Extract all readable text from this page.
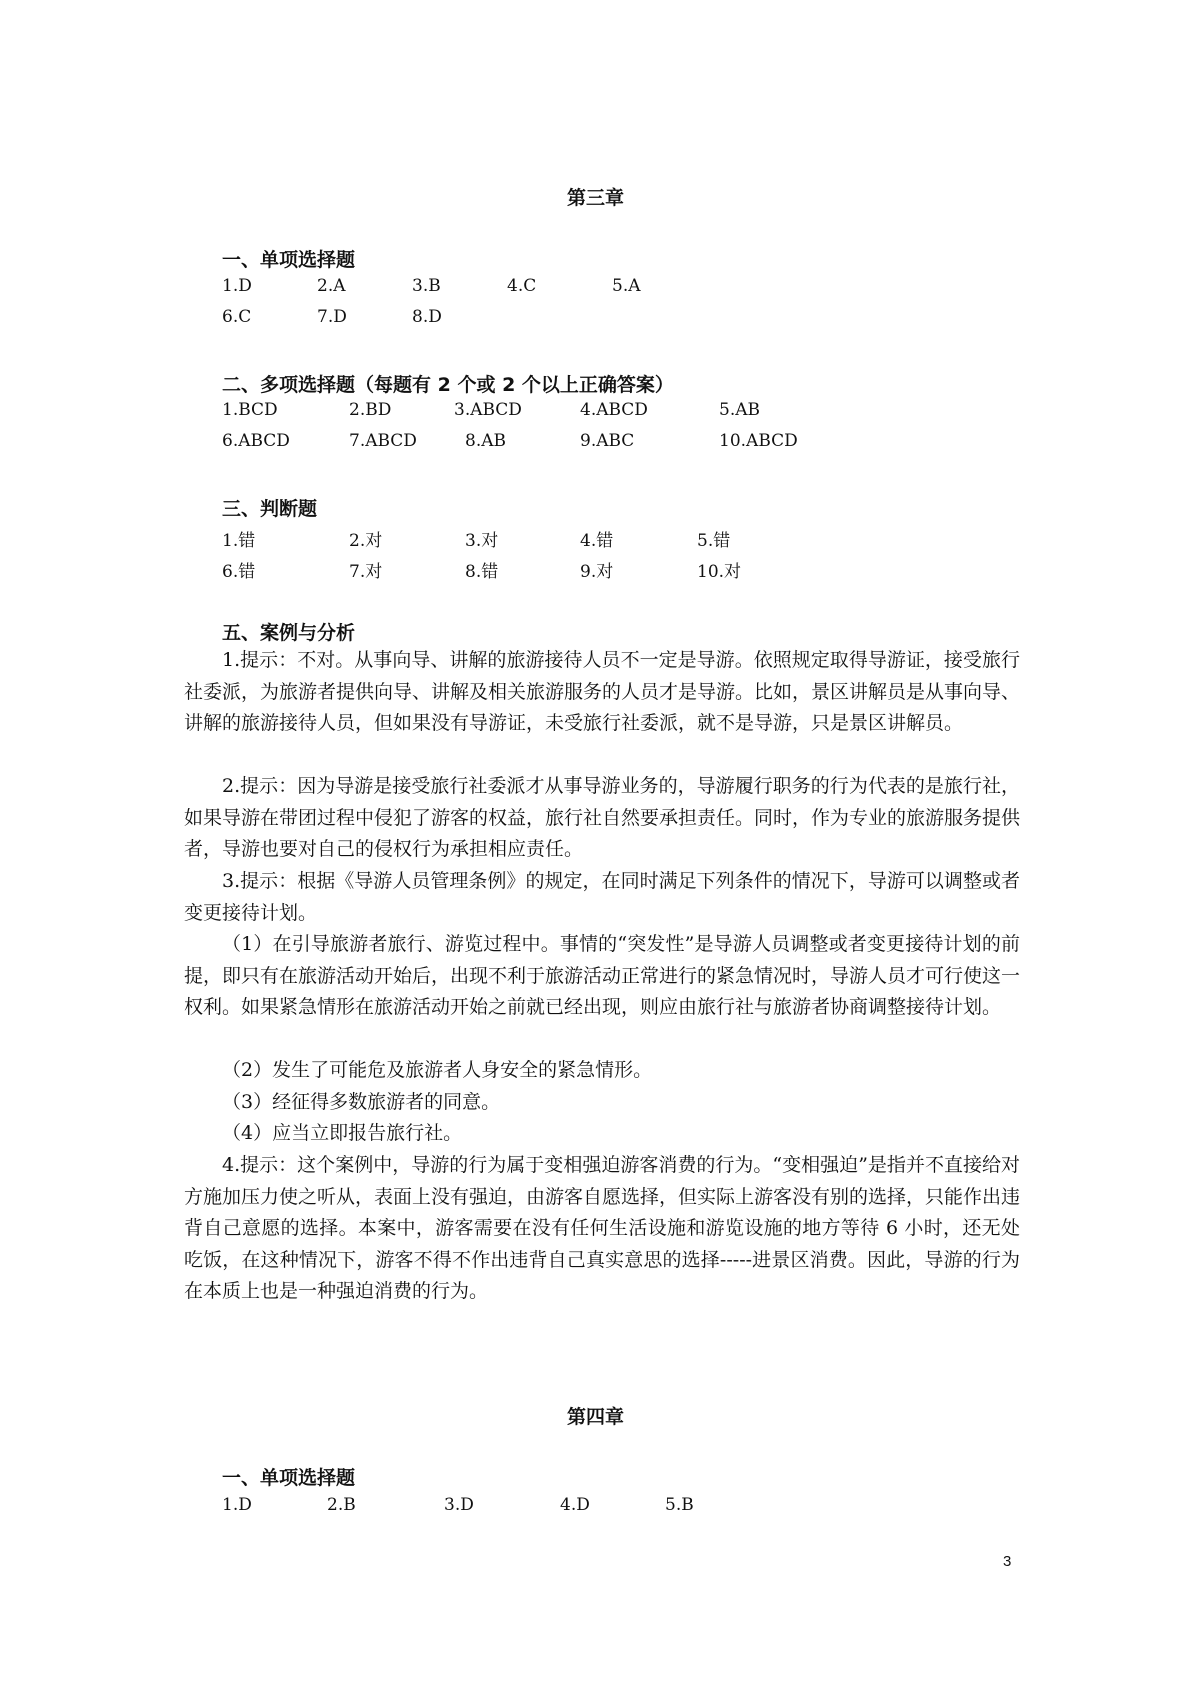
第三章
一、单项选择题
1.D	2.A	3.B	4.C	5.A
6.C	7.D	8.D
二、多项选择题（每题有 2 个或 2 个以上正确答案）
1.BCD	2.BD	3.ABCD	4.ABCD	5.AB
6.ABCD	7.ABCD	8.AB	9.ABC	10.ABCD
三、判断题
1.错	2.对	3.对	4.错	5.错
6.错	7.对	8.错	9.对	10.对
五、案例与分析

1.提示：不对。从事向导、讲解的旅游接待人员不一定是导游。依照规定取得导游证，接受旅行社委派，为旅游者提供向导、讲解及相关旅游服务的人员才是导游。比如，景区讲解员是从事向导、讲解的旅游接待人员，但如果没有导游证，未受旅行社委派，就不是导游，只是景区讲解员。

2.提示：因为导游是接受旅行社委派才从事导游业务的，导游履行职务的行为代表的是旅行社，如果导游在带团过程中侵犯了游客的权益，旅行社自然要承担责任。同时，作为专业的旅游服务提供者，导游也要对自己的侵权行为承担相应责任。

3.提示：根据《导游人员管理条例》的规定，在同时满足下列条件的情况下，导游可以调整或者变更接待计划。

（1）在引导旅游者旅行、游览过程中。事情的“突发性”是导游人员调整或者变更接待计划的前提，即只有在旅游活动开始后，出现不利于旅游活动正常进行的紧急情况时，导游人员才可行使这一权利。如果紧急情形在旅游活动开始之前就已经出现，则应由旅行社与旅游者协商调整接待计划。

（2）发生了可能危及旅游者人身安全的紧急情形。

（3）经征得多数旅游者的同意。

（4）应当立即报告旅行社。

4.提示：这个案例中，导游的行为属于变相强迫游客消费的行为。“变相强迫”是指并不直接给对方施加压力使之听从，表面上没有强迫，由游客自愿选择，但实际上游客没有别的选择，只能作出违背自己意愿的选择。本案中，游客需要在没有任何生活设施和游览设施的地方等待 6 小时，还无处吃饭，在这种情况下，游客不得不作出违背自己真实意思的选择-----进景区消费。因此，导游的行为在本质上也是一种强迫消费的行为。

第四章
一、单项选择题
1.D	2.B	3.D	4.D	5.B
3
